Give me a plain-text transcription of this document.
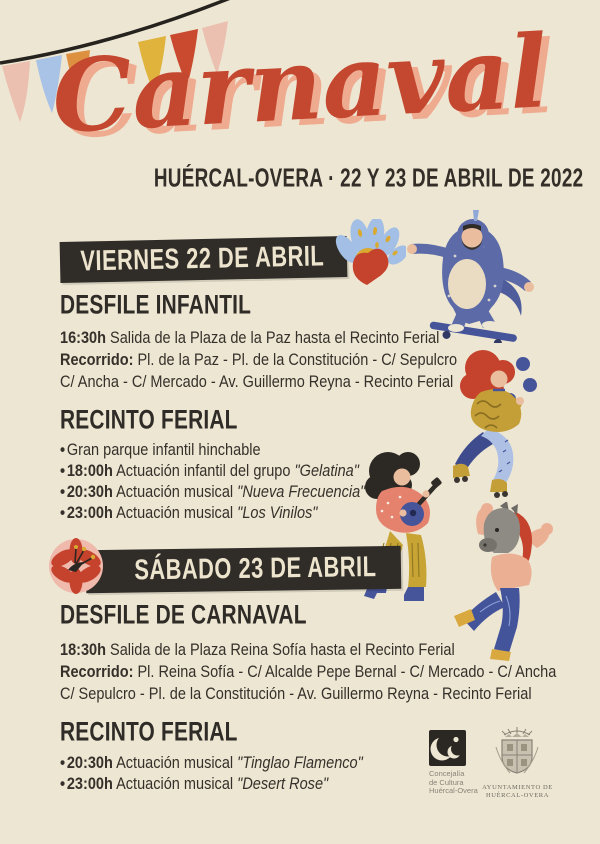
Carnaval
HUÉRCAL-OVERA · 22 Y 23 DE ABRIL DE 2022
VIERNES 22 DE ABRIL
DESFILE INFANTIL
16:30h Salida de la Plaza de la Paz hasta el Recinto Ferial
Recorrido: Pl. de la Paz - Pl. de la Constitución - C/ Sepulcro
C/ Ancha - C/ Mercado - Av. Guillermo Reyna - Recinto Ferial
RECINTO FERIAL
• Gran parque infantil hinchable
• 18:00h Actuación infantil del grupo "Gelatina"
• 20:30h Actuación musical "Nueva Frecuencia"
• 23:00h Actuación musical "Los Vinilos"
SÁBADO 23 DE ABRIL
DESFILE DE CARNAVAL
18:30h Salida de la Plaza Reina Sofía hasta el Recinto Ferial
Recorrido: Pl. Reina Sofía - C/ Alcalde Pepe Bernal - C/ Mercado - C/ Ancha
C/ Sepulcro - Pl. de la Constitución - Av. Guillermo Reyna - Recinto Ferial
RECINTO FERIAL
• 20:30h Actuación musical "Tinglao Flamenco"
• 23:00h Actuación musical "Desert Rose"
Concejalía
de Cultura
Huércal-Overa AYUNTAMIENTO DE
HUÉRCAL-OVERA
